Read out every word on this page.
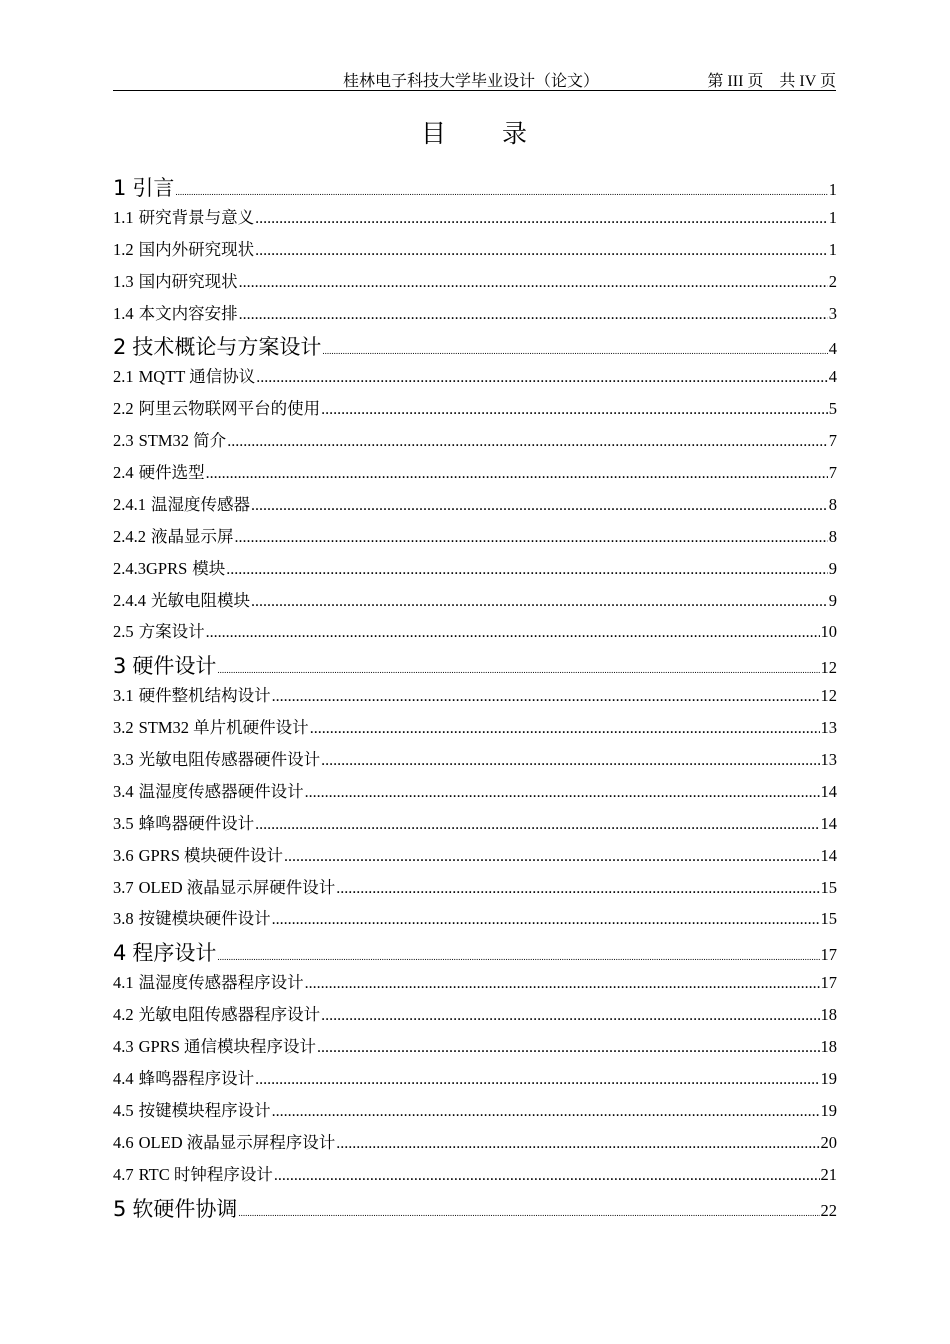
桂林电子科技大学毕业设计（论文）	第 III 页　共 IV 页
目　　录
1 引言 .....	1
1.1 研究背景与意义 .....	1
1.2 国内外研究现状 .....	1
1.3 国内研究现状 .....	2
1.4 本文内容安排 .....	3
2 技术概论与方案设计 .....	4
2.1 MQTT 通信协议 .....	4
2.2 阿里云物联网平台的使用 .....	5
2.3 STM32 简介 .....	7
2.4 硬件选型 .....	7
2.4.1 温湿度传感器 .....	8
2.4.2 液晶显示屏 .....	8
2.4.3GPRS 模块 .....	9
2.4.4 光敏电阻模块 .....	9
2.5 方案设计 .....	10
3 硬件设计 .....	12
3.1 硬件整机结构设计 .....	12
3.2 STM32 单片机硬件设计 .....	13
3.3 光敏电阻传感器硬件设计 .....	13
3.4 温湿度传感器硬件设计 .....	14
3.5 蜂鸣器硬件设计 .....	14
3.6 GPRS 模块硬件设计 .....	14
3.7 OLED 液晶显示屏硬件设计 .....	15
3.8 按键模块硬件设计 .....	15
4 程序设计 .....	17
4.1 温湿度传感器程序设计 .....	17
4.2 光敏电阻传感器程序设计 .....	18
4.3 GPRS 通信模块程序设计 .....	18
4.4 蜂鸣器程序设计 .....	19
4.5 按键模块程序设计 .....	19
4.6 OLED 液晶显示屏程序设计 .....	20
4.7 RTC 时钟程序设计 .....	21
5 软硬件协调 .....	22
